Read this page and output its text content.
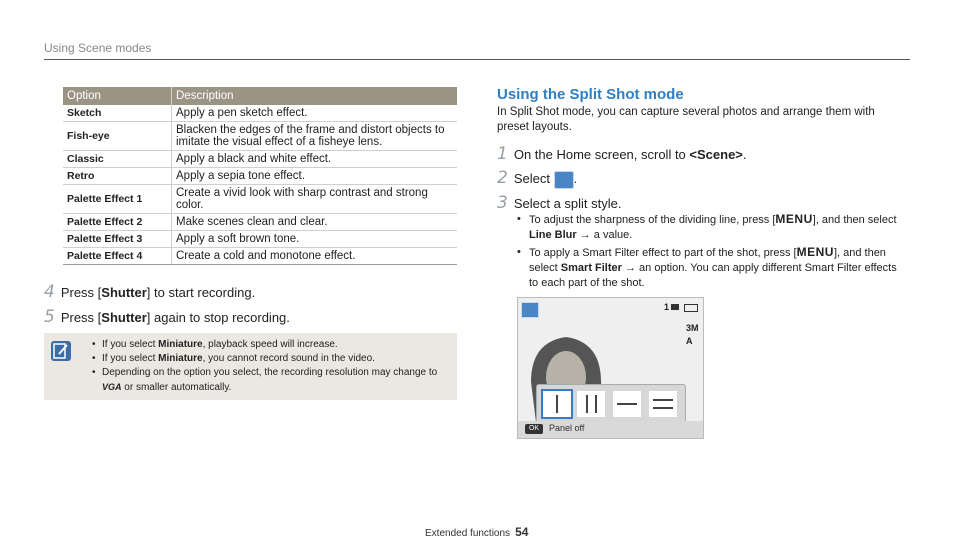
Using Scene modes
Option	Description
Sketch	Apply a pen sketch effect.
Fish-eye	Blacken the edges of the frame and distort objects to imitate the visual effect of a fisheye lens.
Classic	Apply a black and white effect.
Retro	Apply a sepia tone effect.
Palette Effect 1	Create a vivid look with sharp contrast and strong color.
Palette Effect 2	Make scenes clean and clear.
Palette Effect 3	Apply a soft brown tone.
Palette Effect 4	Create a cold and monotone effect.
4 Press [Shutter] to start recording.
5 Press [Shutter] again to stop recording.
• If you select Miniature, playback speed will increase.
• If you select Miniature, you cannot record sound in the video.
• Depending on the option you select, the recording resolution may change to VGA or smaller automatically.
Using the Split Shot mode
In Split Shot mode, you can capture several photos and arrange them with preset layouts.
1 On the Home screen, scroll to <Scene>.
2 Select .
3 Select a split style.
• To adjust the sharpness of the dividing line, press [MENU], and then select Line Blur → a value.
• To apply a Smart Filter effect to part of the shot, press [MENU], and then select Smart Filter → an option. You can apply different Smart Filter effects to each part of the shot.
1
3M
A
OK	Panel off
Extended functions 54
